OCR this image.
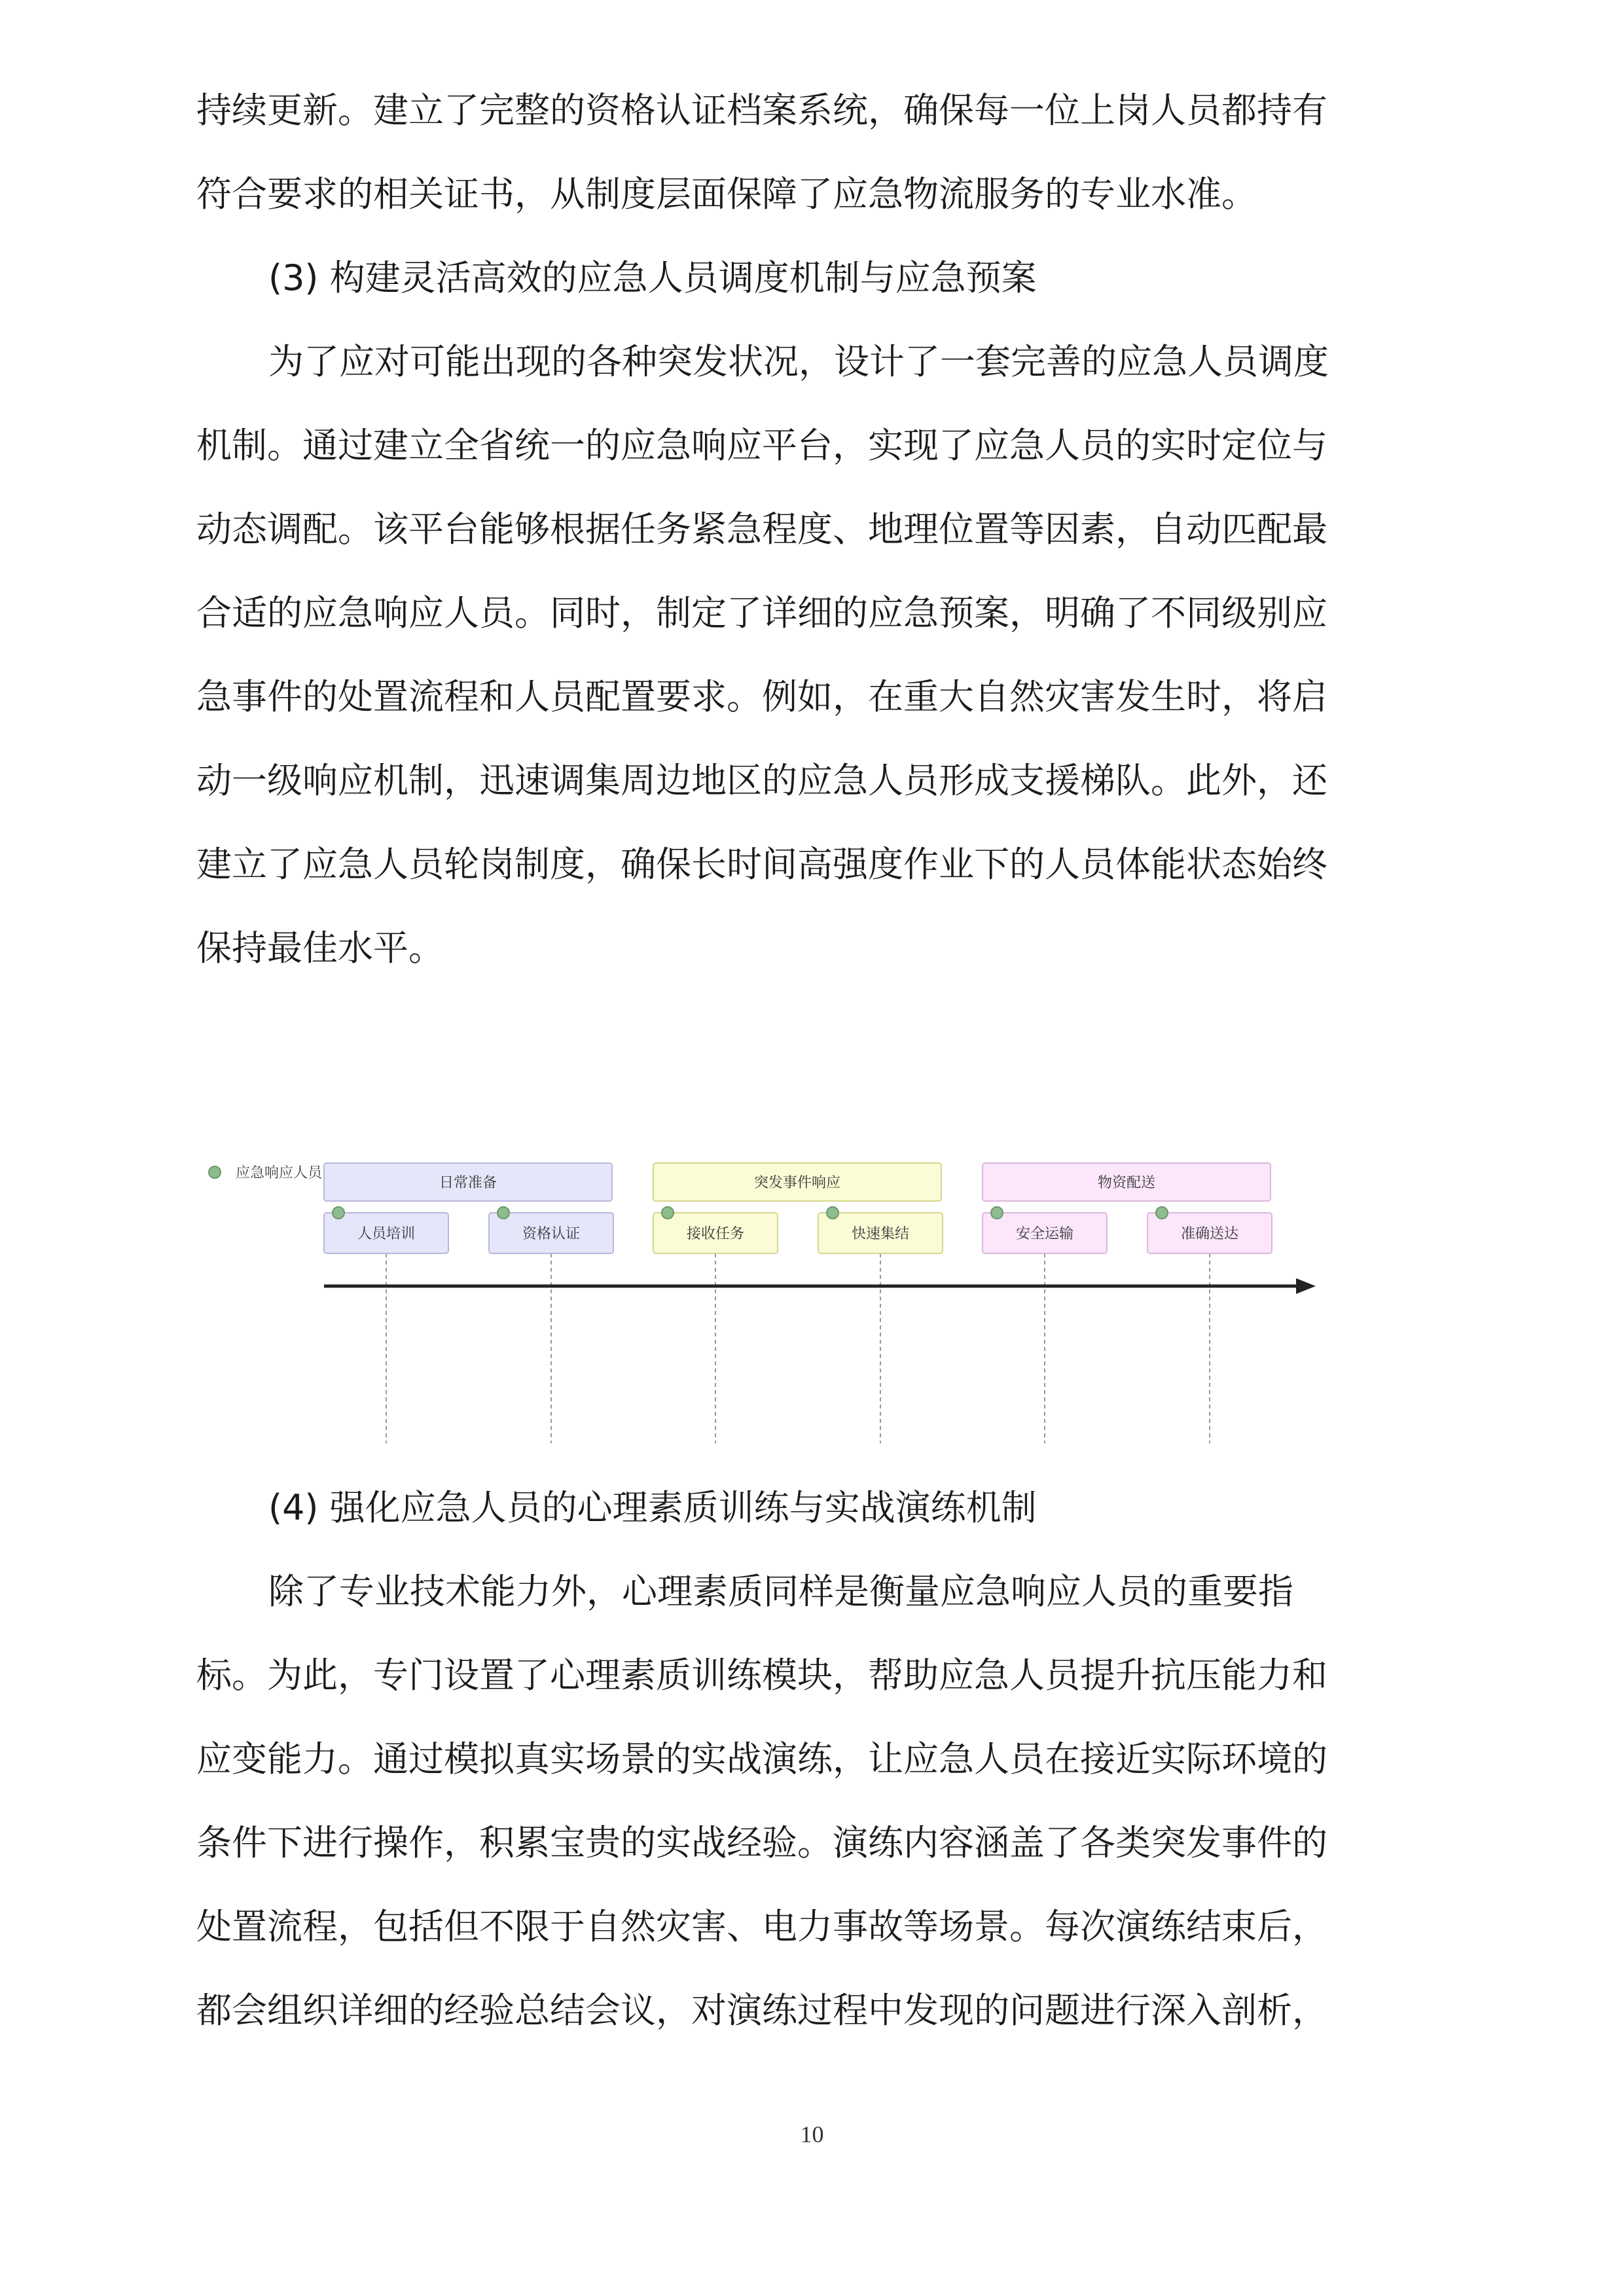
持续更新。建立了完整的资格认证档案系统，确保每一位上岗人员都持有
符合要求的相关证书，从制度层面保障了应急物流服务的专业水准。
(3) 构建灵活高效的应急人员调度机制与应急预案
为了应对可能出现的各种突发状况，设计了一套完善的应急人员调度
机制。通过建立全省统一的应急响应平台，实现了应急人员的实时定位与
动态调配。该平台能够根据任务紧急程度、地理位置等因素，自动匹配最
合适的应急响应人员。同时，制定了详细的应急预案，明确了不同级别应
急事件的处置流程和人员配置要求。例如，在重大自然灾害发生时，将启
动一级响应机制，迅速调集周边地区的应急人员形成支援梯队。此外，还
建立了应急人员轮岗制度，确保长时间高强度作业下的人员体能状态始终
保持最佳水平。
应急响应人员
日常准备
人员培训	资格认证
突发事件响应
接收任务	快速集结
物资配送
安全运输	准确送达
(4) 强化应急人员的心理素质训练与实战演练机制
除了专业技术能力外，心理素质同样是衡量应急响应人员的重要指
标。为此，专门设置了心理素质训练模块，帮助应急人员提升抗压能力和
应变能力。通过模拟真实场景的实战演练，让应急人员在接近实际环境的
条件下进行操作，积累宝贵的实战经验。演练内容涵盖了各类突发事件的
处置流程，包括但不限于自然灾害、电力事故等场景。每次演练结束后，
都会组织详细的经验总结会议，对演练过程中发现的问题进行深入剖析，
10
